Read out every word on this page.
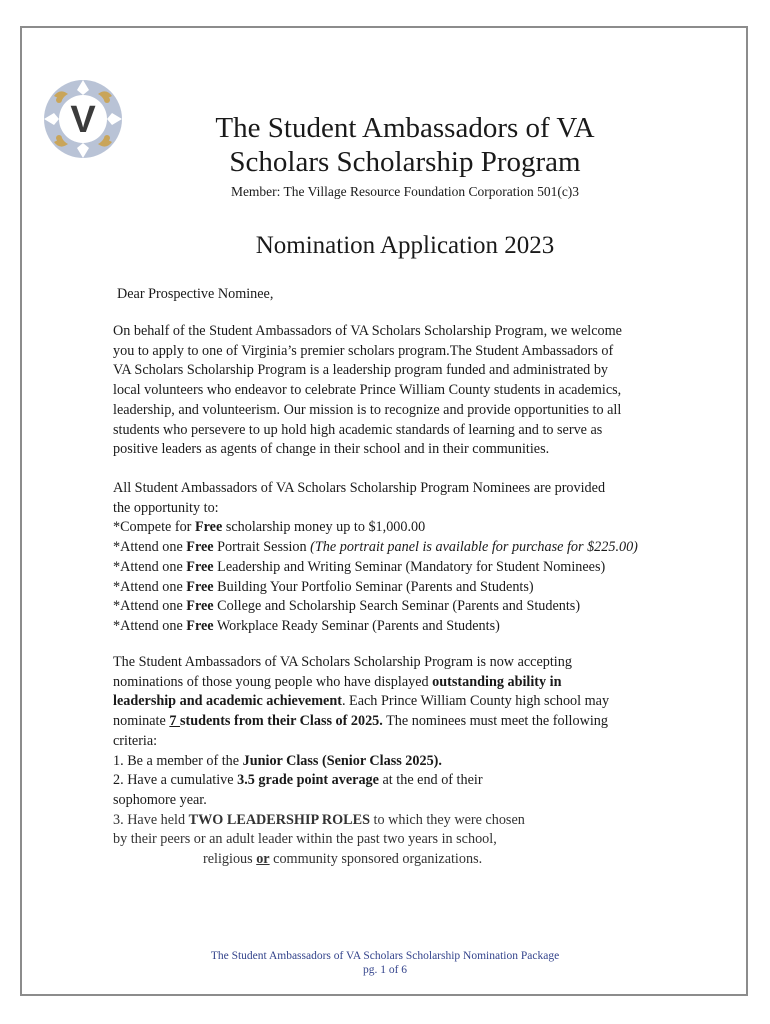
V	The Student Ambassadors of VA
Scholars Scholarship Program
Member: The Village Resource Foundation Corporation 501(c)3
Nomination Application 2023
Dear Prospective Nominee,
On behalf of the Student Ambassadors of VA Scholars Scholarship Program, we welcome
you to apply to one of Virginia’s premier scholars program.The Student Ambassadors of
VA Scholars Scholarship Program is a leadership program funded and administrated by
local volunteers who endeavor to celebrate Prince William County students in academics,
leadership, and volunteerism. Our mission is to recognize and provide opportunities to all
students who persevere to up hold high academic standards of learning and to serve as
positive leaders as agents of change in their school and in their communities.
All Student Ambassadors of VA Scholars Scholarship Program Nominees are provided
the opportunity to:
*Compete for Free scholarship money up to $1,000.00
*Attend one Free Portrait Session (The portrait panel is available for purchase for $225.00)
*Attend one Free Leadership and Writing Seminar (Mandatory for Student Nominees)
*Attend one Free Building Your Portfolio Seminar (Parents and Students)
*Attend one Free College and Scholarship Search Seminar (Parents and Students)
*Attend one Free Workplace Ready Seminar (Parents and Students)
The Student Ambassadors of VA Scholars Scholarship Program is now accepting
nominations of those young people who have displayed outstanding ability in
leadership and academic achievement. Each Prince William County high school may
nominate 7 students from their Class of 2025. The nominees must meet the following
criteria:
1. Be a member of the Junior Class (Senior Class 2025).
2. Have a cumulative 3.5 grade point average at the end of their
sophomore year.
3. Have held TWO LEADERSHIP ROLES to which they were chosen
by their peers or an adult leader within the past two years in school,
religious or community sponsored organizations.
The Student Ambassadors of VA Scholars Scholarship Nomination Package
pg. 1 of 6
